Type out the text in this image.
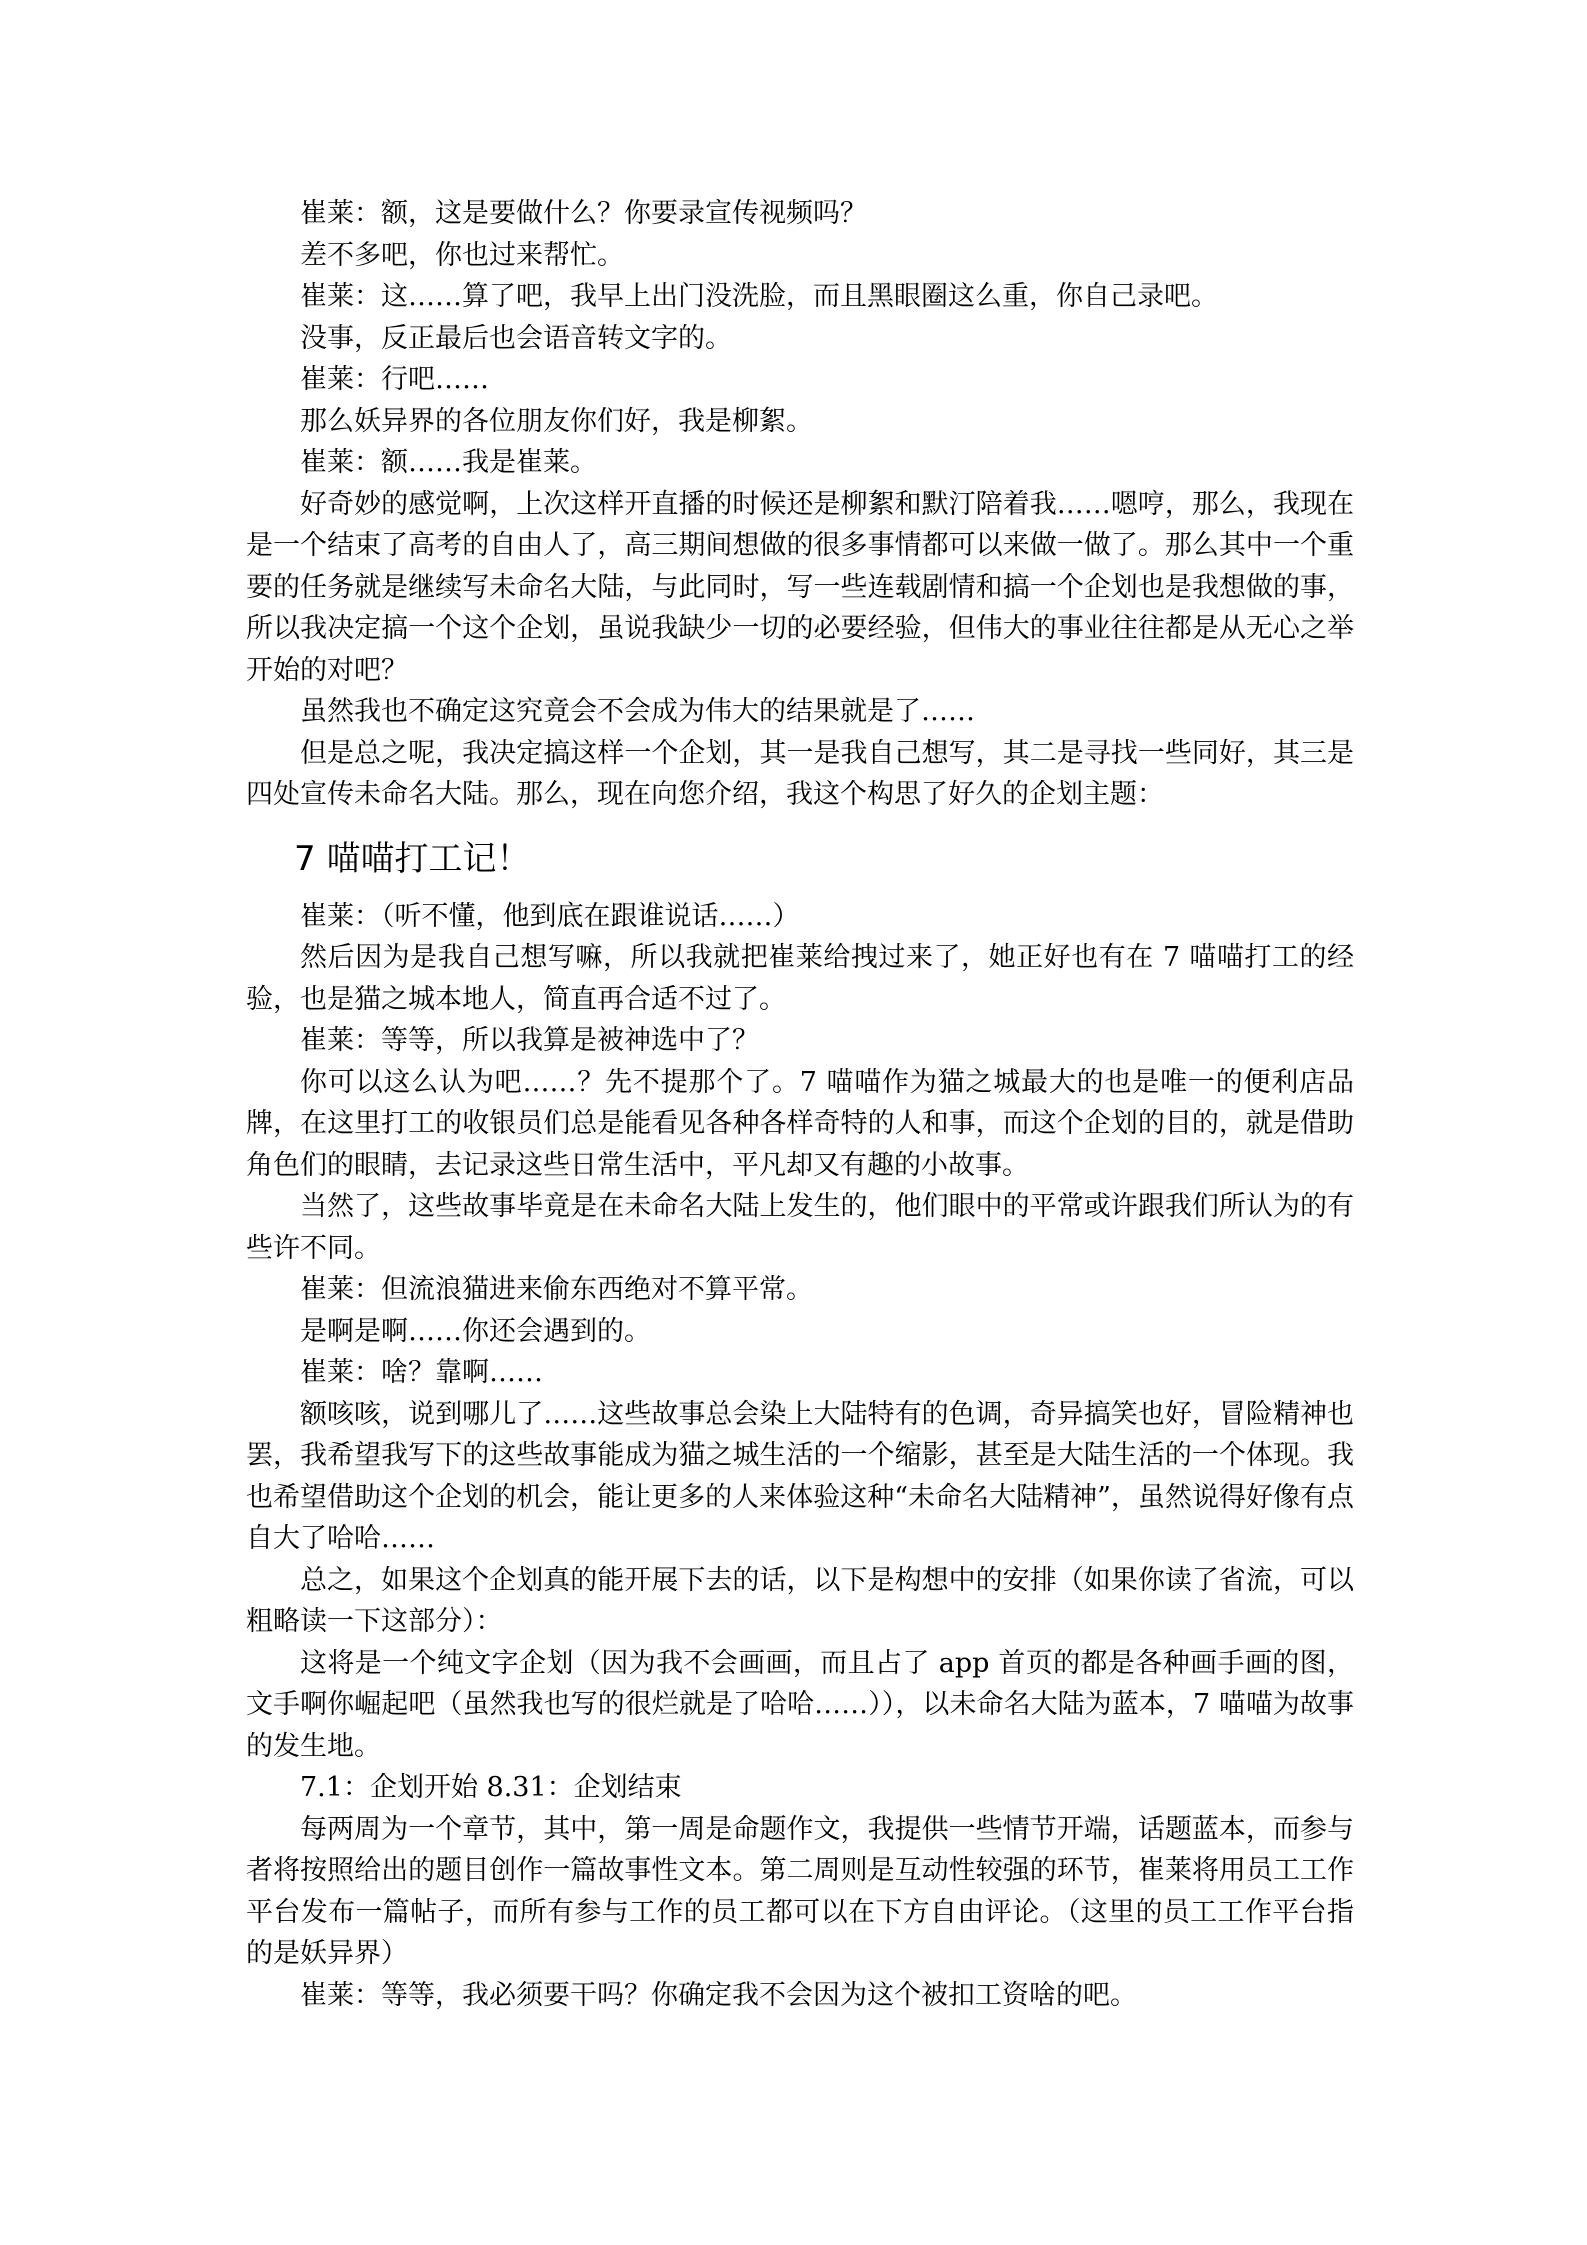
崔莱：额，这是要做什么？你要录宣传视频吗？

差不多吧，你也过来帮忙。

崔莱：这……算了吧，我早上出门没洗脸，而且黑眼圈这么重，你自己录吧。

没事，反正最后也会语音转文字的。

崔莱：行吧……

那么妖异界的各位朋友你们好，我是柳絮。

崔莱：额……我是崔莱。

好奇妙的感觉啊，上次这样开直播的时候还是柳絮和默汀陪着我……嗯哼，那么，我现在是一个结束了高考的自由人了，高三期间想做的很多事情都可以来做一做了。那么其中一个重要的任务就是继续写未命名大陆，与此同时，写一些连载剧情和搞一个企划也是我想做的事，所以我决定搞一个这个企划，虽说我缺少一切的必要经验，但伟大的事业往往都是从无心之举开始的对吧？

虽然我也不确定这究竟会不会成为伟大的结果就是了……

但是总之呢，我决定搞这样一个企划，其一是我自己想写，其二是寻找一些同好，其三是四处宣传未命名大陆。那么，现在向您介绍，我这个构思了好久的企划主题：

7 喵喵打工记！

崔莱：（听不懂，他到底在跟谁说话……）

然后因为是我自己想写嘛，所以我就把崔莱给拽过来了，她正好也有在 7 喵喵打工的经验，也是猫之城本地人，简直再合适不过了。

崔莱：等等，所以我算是被神选中了？

你可以这么认为吧……？先不提那个了。7 喵喵作为猫之城最大的也是唯一的便利店品牌，在这里打工的收银员们总是能看见各种各样奇特的人和事，而这个企划的目的，就是借助角色们的眼睛，去记录这些日常生活中，平凡却又有趣的小故事。

当然了，这些故事毕竟是在未命名大陆上发生的，他们眼中的平常或许跟我们所认为的有些许不同。

崔莱：但流浪猫进来偷东西绝对不算平常。

是啊是啊……你还会遇到的。

崔莱：啥？靠啊……

额咳咳，说到哪儿了……这些故事总会染上大陆特有的色调，奇异搞笑也好，冒险精神也罢，我希望我写下的这些故事能成为猫之城生活的一个缩影，甚至是大陆生活的一个体现。我也希望借助这个企划的机会，能让更多的人来体验这种“未命名大陆精神”，虽然说得好像有点自大了哈哈……

总之，如果这个企划真的能开展下去的话，以下是构想中的安排（如果你读了省流，可以粗略读一下这部分）：

这将是一个纯文字企划（因为我不会画画，而且占了 app 首页的都是各种画手画的图，文手啊你崛起吧（虽然我也写的很烂就是了哈哈……）），以未命名大陆为蓝本，7 喵喵为故事的发生地。

7.1：企划开始 8.31：企划结束

每两周为一个章节，其中，第一周是命题作文，我提供一些情节开端，话题蓝本，而参与者将按照给出的题目创作一篇故事性文本。第二周则是互动性较强的环节，崔莱将用员工工作平台发布一篇帖子，而所有参与工作的员工都可以在下方自由评论。（这里的员工工作平台指的是妖异界）

崔莱：等等，我必须要干吗？你确定我不会因为这个被扣工资啥的吧。
